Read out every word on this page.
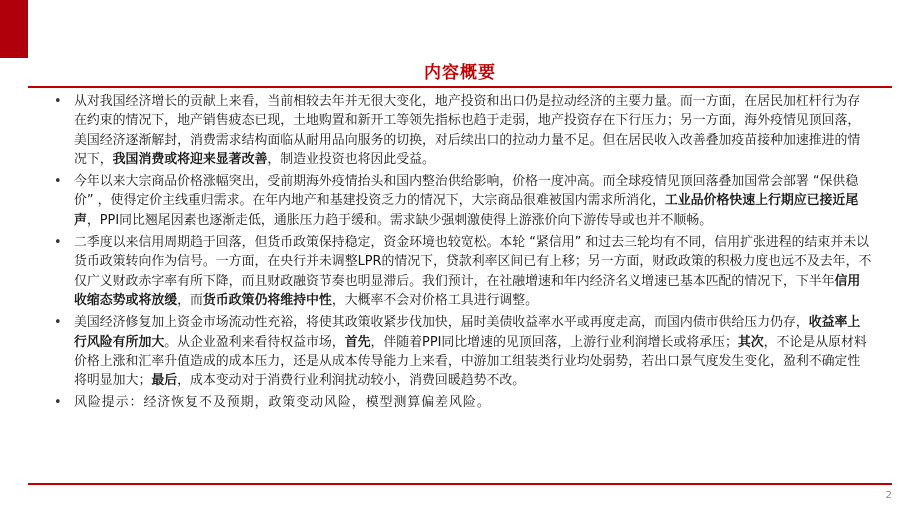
内容概要
• 从对我国经济增长的贡献上来看，当前相较去年并无很大变化，地产投资和出口仍是拉动经济的主要力量。而一方面，在居民加杠杆行为存在约束的情况下，地产销售疲态已现，土地购置和新开工等领先指标也趋于走弱，地产投资存在下行压力；另一方面，海外疫情见顶回落，美国经济逐渐解封，消费需求结构面临从耐用品向服务的切换，对后续出口的拉动力量不足。但在居民收入改善叠加疫苗接种加速推进的情况下，我国消费或将迎来显著改善，制造业投资也将因此受益。
• 今年以来大宗商品价格涨幅突出，受前期海外疫情抬头和国内整治供给影响，价格一度冲高。而全球疫情见顶回落叠加国常会部署 “保供稳价” ，使得定价主线重归需求。在年内地产和基建投资乏力的情况下，大宗商品很难被国内需求所消化，工业品价格快速上行期应已接近尾声，PPI同比翘尾因素也逐渐走低，通胀压力趋于缓和。需求缺少强刺激使得上游涨价向下游传导或也并不顺畅。
• 二季度以来信用周期趋于回落，但货币政策保持稳定，资金环境也较宽松。本轮 “紧信用” 和过去三轮均有不同，信用扩张进程的结束并未以货币政策转向作为信号。一方面，在央行并未调整LPR的情况下，贷款利率区间已有上移；另一方面，财政政策的积极力度也远不及去年，不仅广义财政赤字率有所下降，而且财政融资节奏也明显滞后。我们预计，在社融增速和年内经济名义增速已基本匹配的情况下，下半年信用收缩态势或将放缓，而货币政策仍将维持中性，大概率不会对价格工具进行调整。
• 美国经济修复加上资金市场流动性充裕，将使其政策收紧步伐加快，届时美债收益率水平或再度走高，而国内债市供给压力仍存，收益率上行风险有所加大。从企业盈利来看待权益市场，首先，伴随着PPI同比增速的见顶回落，上游行业利润增长或将承压；其次，不论是从原材料价格上涨和汇率升值造成的成本压力，还是从成本传导能力上来看，中游加工组装类行业均处弱势，若出口景气度发生变化，盈利不确定性将明显加大；最后，成本变动对于消费行业利润扰动较小，消费回暖趋势不改。
• 风险提示：经济恢复不及预期，政策变动风险，模型测算偏差风险。
2
